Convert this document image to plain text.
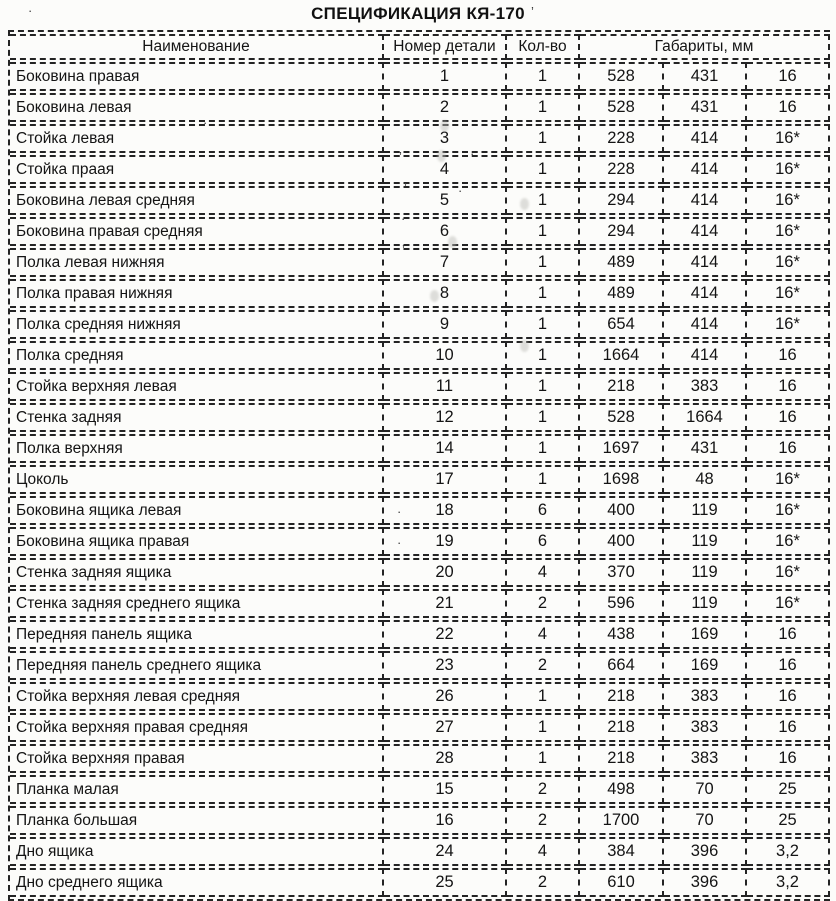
СПЕЦИФИКАЦИЯ КЯ-170
Наименование	Номер детали	Кол-во	Габариты, мм		
Боковина правая	1	1	528	431	16
Боковина левая	2	1	528	431	16
Стойка левая	3	1	228	414	16*
Стойка праая	4	1	228	414	16*
Боковина левая средняя	5	1	294	414	16*
Боковина правая средняя	6	1	294	414	16*
Полка левая нижняя	7	1	489	414	16*
Полка правая нижняя	8	1	489	414	16*
Полка средняя нижняя	9	1	654	414	16*
Полка средняя	10	1	1664	414	16
Стойка верхняя левая	11	1	218	383	16
Стенка задняя	12	1	528	1664	16
Полка верхняя	14	1	1697	431	16
Цоколь	17	1	1698	48	16*
Боковина ящика левая	18	6	400	119	16*
Боковина ящика правая	19	6	400	119	16*
Стенка задняя ящика	20	4	370	119	16*
Стенка задняя среднего ящика	21	2	596	119	16*
Передняя панель ящика	22	4	438	169	16
Передняя панель среднего ящика	23	2	664	169	16
Стойка верхняя левая средняя	26	1	218	383	16
Стойка верхняя правая средняя	27	1	218	383	16
Стойка верхняя правая	28	1	218	383	16
Планка малая	15	2	498	70	25
Планка большая	16	2	1700	70	25
Дно ящика	24	4	384	396	3,2
Дно среднего ящика	25	2	610	396	3,2
’
·
’	·
’	·
·
’
·
·
·
